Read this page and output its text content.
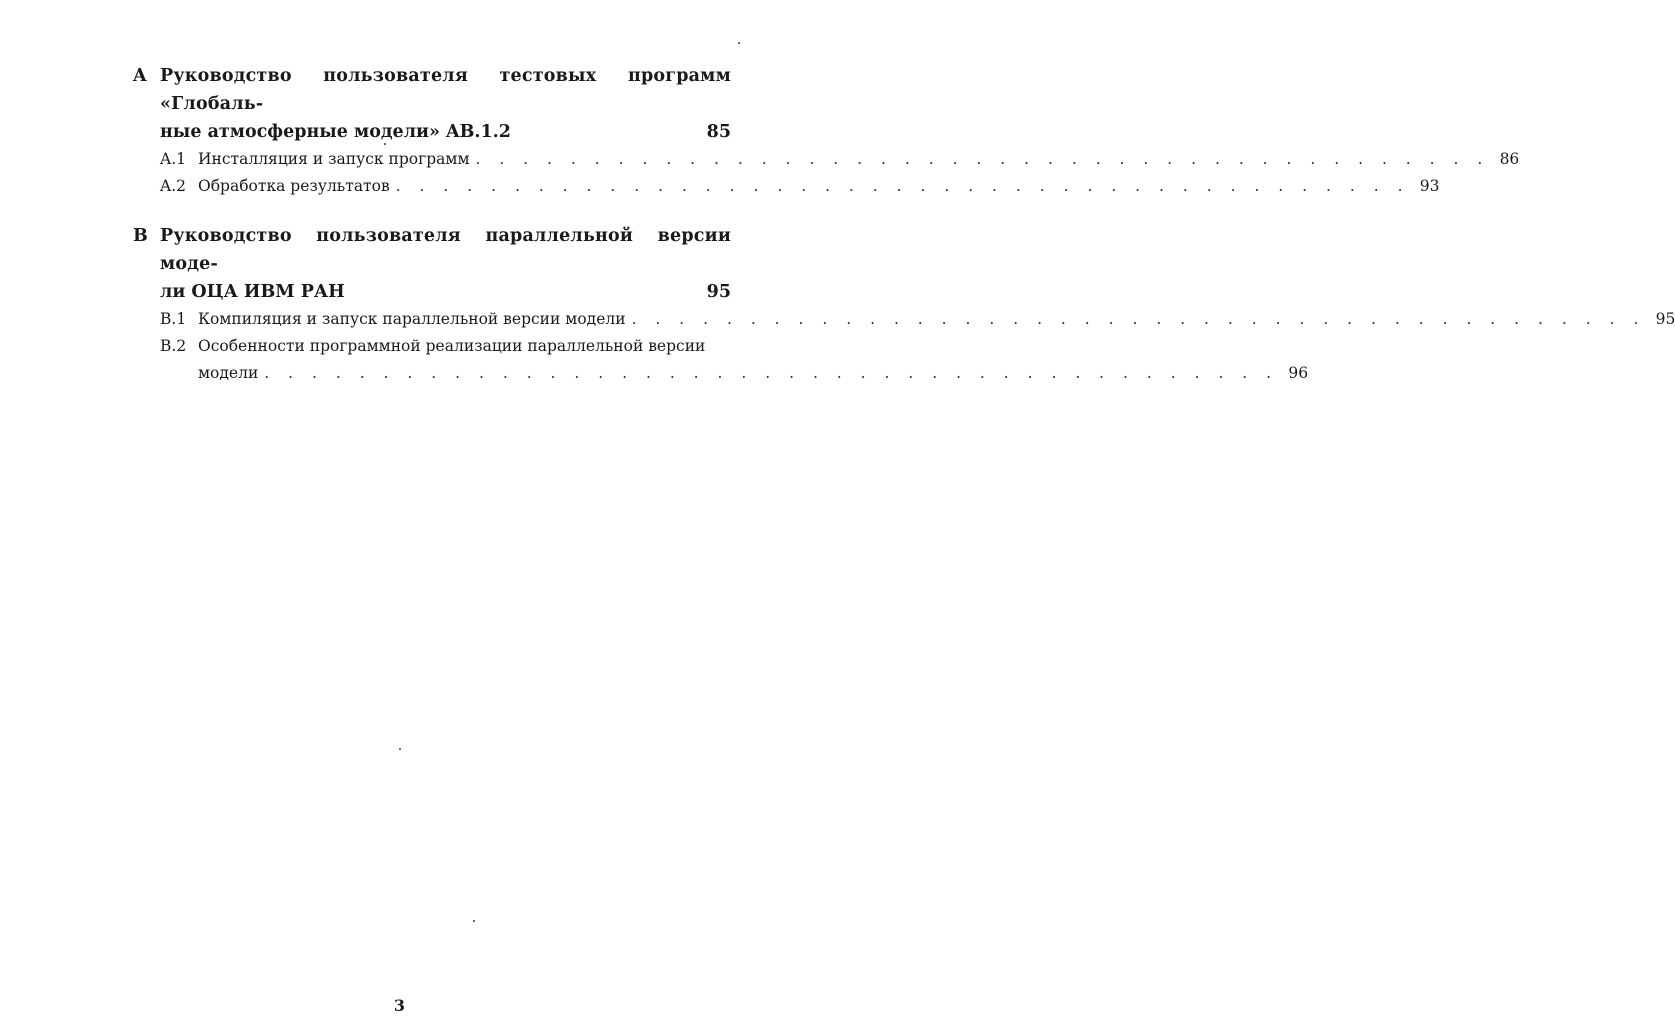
A Руководство пользователя тестовых программ «Глобаль-
ные атмосферные модели» AB.1.2	85
A.1 Инсталляция и запуск программ . . . . . . . . . . . . . . . . . . . . . . . . . . . . . . . . . . . . . . . . . . . 86
A.2 Обработка результатов . . . . . . . . . . . . . . . . . . . . . . . . . . . . . . . . . . . . . . . . . . . 93
B Руководство пользователя параллельной версии моде-
ли ОЦА ИВМ РАН	95
B.1 Компиляция и запуск параллельной версии модели . . . . . . . . . . . . . . . . . . . . . . . . . . . . . . . . . . . . . . . . . . . 95
B.2 Особенности программной реализации параллельной версии
модели . . . . . . . . . . . . . . . . . . . . . . . . . . . . . . . . . . . . . . . . . . . 96
3
